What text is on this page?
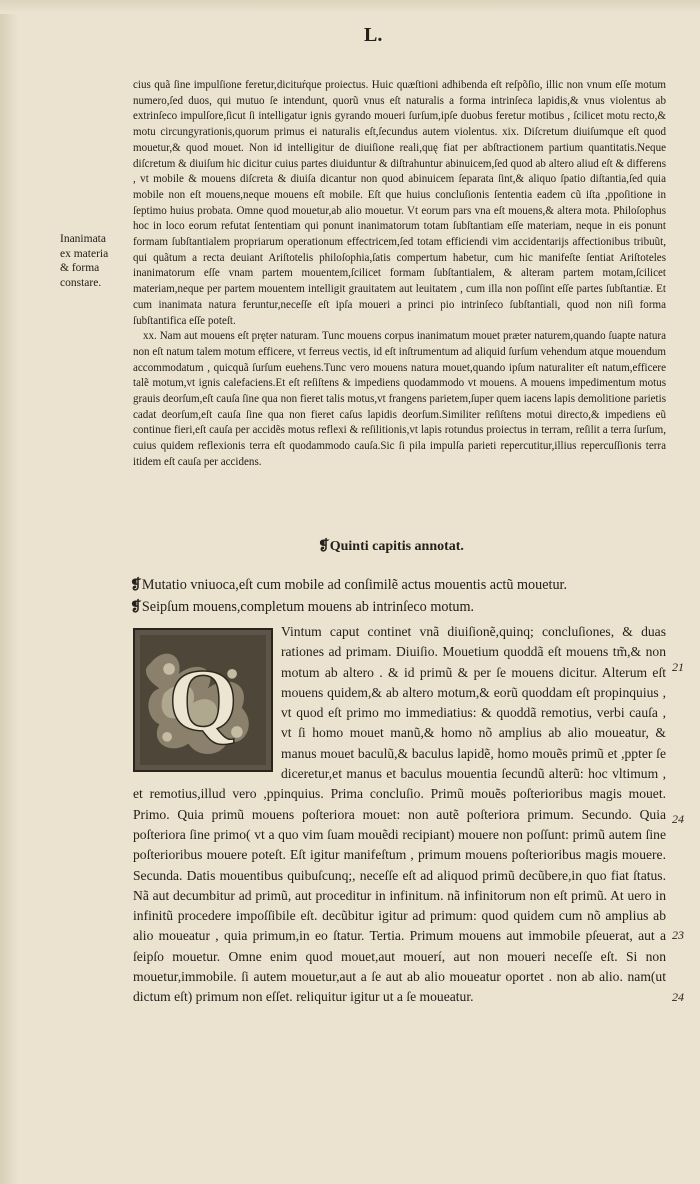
L.
Inanimata
ex materia
& forma
constare.

cius quã ſine impulſione feretur,dicituŕque proiectus. Huic quæſtioni adhibenda eſt reſpõſio, illic non vnum eſſe motum numero,ſed duos, qui mutuo ſe intendunt, quorũ vnus eſt naturalis a forma intrinſeca lapidis,& vnus violentus ab extrinſeco impulſore,ſicut ſi intelligatur ignis gyrando moueri ſurſum,ipſe duobus feretur motibus , ſcilicet motu recto,& motu circungyrationis,quorum primus ei naturalis eſt,ſecundus autem violentus. xix. Diſcretum diuiſumque eſt quod mouetur,& quod mouet. Non id intelligitur de diuiſione reali,quę fiat per abſtractionem partium quantitatis.Neque diſcretum & diuiſum hic dicitur cuius partes diuiduntur & diſtrahuntur abinuicem,ſed quod ab altero aliud eſt & differens , vt mobile & mouens diſcreta & diuiſa dicantur non quod abinuicem ſeparata ſint,& aliquo ſpatio diſtantia,ſed quia mobile non eſt mouens,neque mouens eſt mobile. Eſt que huius concluſionis ſententia eadem cũ iſta ,ppoſitione in ſeptimo huius probata. Omne quod mouetur,ab alio mouetur. Vt eorum pars vna eſt mouens,& altera mota. Philoſophus hoc in loco eorum refutat ſententiam qui ponunt inanimatorum totam ſubſtantiam eſſe materiam, neque in eis ponunt formam ſubſtantialem propriarum operationum effectricem,ſed totam efficiendi vim accidentarijs affectionibus tribuũt, qui quãtum a recta deuiant Ariſtotelis philoſophia,ſatis compertum habetur, cum hic manifeſte ſentiat Ariſtoteles inanimatorum eſſe vnam partem mouentem,ſcilicet formam ſubſtantialem, & alteram partem motam,ſcilicet materiam,neque per partem mouentem intelligit grauitatem aut leuitatem , cum illa non poſſint eſſe partes ſubſtantiæ. Et cum inanimata natura feruntur,neceſſe eſt ipſa moueri a princi pio intrinſeco ſubſtantiali, quod non niſi forma ſubſtantifica eſſe poteſt.

xx. Nam aut mouens eſt pręter naturam. Tunc mouens corpus inanimatum mouet præter naturem,quando ſuapte natura non eſt natum talem motum efficere, vt ferreus vectis, id eſt inſtrumentum ad aliquid ſurſum vehendum atque mouendum accommodatum , quicquã ſurſum euehens.Tunc vero mouens natura mouet,quando ipſum naturaliter eſt natum,efficere talẽ motum,vt ignis calefaciens.Et eſt reſiſtens & impediens quodammodo vt mouens. A mouens impedimentum motus grauis deorſum,eſt cauſa ſine qua non fieret talis motus,vt frangens parietem,ſuper quem iacens lapis demolitione parietis cadat deorſum,eſt cauſa ſine qua non fieret caſus lapidis deorſum.Similiter reſiſtens motui directo,& impediens eũ continue fieri,eſt cauſa per accidẽs motus reflexi & reſilitionis,vt lapis rotundus proiectus in terram, reſilit a terra ſurſum, cuius quidem reflexionis terra eſt quodammodo cauſa.Sic ſi pila impulſa parieti repercutitur,illius repercuſſionis terra itidem eſt cauſa per accidens.

❡Quinti capitis annotat.
❡Mutatio vniuoca,eſt cum mobile ad conſimilẽ actus mouentis actũ mouetur.
❡Seipſum mouens,completum mouens ab intrinſeco motum.
Q

Vintum caput continet vnã diuiſionẽ,quinq; concluſiones, & duas rationes ad primam. Diuiſio. Mouetium quoddã eſt mouens tm̃,& non motum ab altero . & id primũ & per ſe mouens dicitur. Alterum eſt mouens quidem,& ab altero motum,& eorũ quoddam eſt propinquius , vt quod eſt primo mo immediatius: & quoddã remotius, verbi cauſa , vt ſi homo mouet manũ,& homo nõ amplius ab alio moueatur, & manus mouet baculũ,& baculus lapidẽ, homo mouẽs primũ et ,ppter ſe diceretur,et manus et baculus mouentia ſecundũ alterũ: hoc vltimum , et remotius,illud vero ,ppinquius. Prima concluſio. Primũ mouẽs poſterioribus magis mouet. Primo. Quia primũ mouens poſteriora mouet: non autẽ poſteriora primum. Secundo. Quia poſteriora ſine primo( vt a quo vim ſuam mouẽdi recipiant) mouere non poſſunt: primũ autem ſine poſterioribus mouere poteſt. Eſt igitur manifeſtum , primum mouens poſterioribus magis mouere. Secunda. Datis mouentibus quibuſcunq;, neceſſe eſt ad aliquod primũ decũbere,in quo fiat ſtatus. Nã aut decumbitur ad primũ, aut proceditur in infinitum. nã infinitorum non eſt primũ. At uero in infinitũ procedere impoſſibile eſt. decũbitur igitur ad primum: quod quidem cum nõ amplius ab alio moueatur , quia primum,in eo ſtatur. Tertia. Primum mouens aut immobile pſeuerat, aut a ſeipſo mouetur. Omne enim quod mouet,aut mouerí, aut non moueri neceſſe eſt. Si non mouetur,immobile. ſi autem mouetur,aut a ſe aut ab alio moueatur oportet . non ab alio. nam(ut dictum eſt) primum non eſſet. reliquitur igitur ut a ſe moueatur.

21
24
23
24
